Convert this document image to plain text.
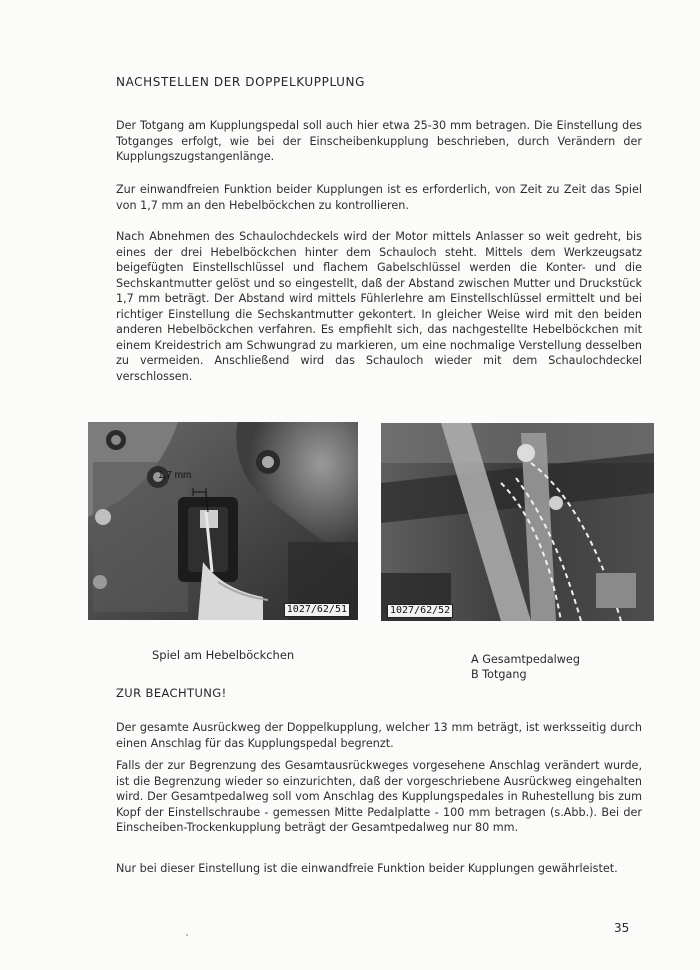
NACHSTELLEN DER DOPPELKUPPLUNG

Der Totgang am Kupplungspedal soll auch hier etwa 25-30 mm betragen. Die Einstellung des Totganges erfolgt, wie bei der Einscheibenkupplung beschrieben, durch Verändern der Kupplungszugstangenlänge.

Zur einwandfreien Funktion beider Kupplungen ist es erforderlich, von Zeit zu Zeit das Spiel von 1,7 mm an den Hebelböckchen zu kontrollieren.

Nach Abnehmen des Schaulochdeckels wird der Motor mittels Anlasser so weit gedreht, bis eines der drei Hebelböckchen hinter dem Schauloch steht. Mittels dem Werkzeugsatz beigefügten Einstellschlüssel und flachem Gabelschlüssel werden die Konter- und die Sechskantmutter gelöst und so eingestellt, daß der Abstand zwischen Mutter und Druckstück 1,7 mm beträgt. Der Abstand wird mittels Fühlerlehre am Einstellschlüssel ermittelt und bei richtiger Einstellung die Sechskantmutter gekontert. In gleicher Weise wird mit den beiden anderen Hebelböckchen verfahren. Es empfiehlt sich, das nachgestellte Hebelböckchen mit einem Kreidestrich am Schwungrad zu markieren, um eine nochmalige Verstellung desselben zu vermeiden. Anschließend wird das Schauloch wieder mit dem Schaulochdeckel verschlossen.

1,7 mm
1027/62/51	1027/62/52
Spiel am Hebelböckchen	A Gesamtpedalweg
B Totgang
ZUR BEACHTUNG!

Der gesamte Ausrückweg der Doppelkupplung, welcher 13 mm beträgt, ist werksseitig durch einen Anschlag für das Kupplungspedal begrenzt.

Falls der zur Begrenzung des Gesamtausrückweges vorgesehene Anschlag verändert wurde, ist die Begrenzung wieder so einzurichten, daß der vorgeschriebene Ausrückweg eingehalten wird. Der Gesamtpedalweg soll vom Anschlag des Kupplungspedales in Ruhestellung bis zum Kopf der Einstellschraube - gemessen Mitte Pedalplatte - 100 mm betragen (s.Abb.). Bei der Einscheiben-Trockenkupplung beträgt der Gesamtpedalweg nur 80 mm.

Nur bei dieser Einstellung ist die einwandfreie Funktion beider Kupplungen gewährleistet.

35
